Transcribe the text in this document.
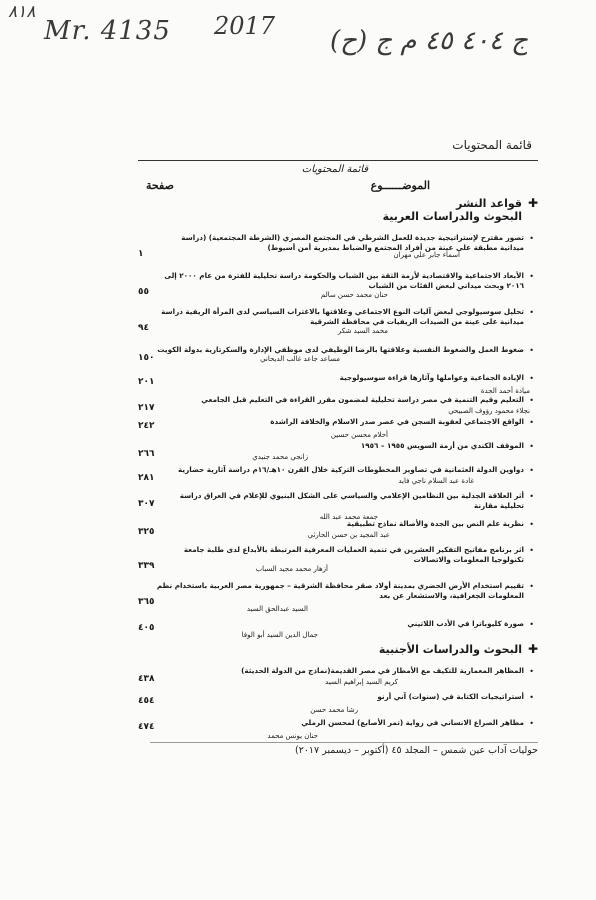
٨١٨
Mr. 4135 2017 (ح) ج ٤٠٤ ٤٥ م ج
قائمة المحتويات
قائمة المحتويات
الموضــــــوع
صفحة
✚
قواعد النشر
البحوث والدراسات العربية
•
تصور مقترح لإستراتيجية جديدة للعمل الشرطي في المجتمع المصري (الشرطة المجتمعية) (دراسة ميدانية مطبقة على عينة من أفراد المجتمع والضباط بمديرية أمن أسيوط)
أسماء جابر علي مهران
١
•
الأبعاد الاجتماعية والاقتصادية لأزمة الثقة بين الشباب والحكومة دراسة تحليلية للفترة من عام ٢٠٠٠ إلى ٢٠١٦ وبحث ميداني لبعض الفئات من الشباب
حنان محمد حسن سالم
٥٥
•
تحليل سوسيولوجي لبعض آليات النوع الاجتماعي وعلاقتها بالاغتراب السياسي لدى المرأة الريفية دراسة ميدانية على عينة من الصيدات الريفيات في محافظة الشرقية
محمد السيد شكر
٩٤
•
ضغوط العمل والضغوط النفسية وعلاقتها بالرضا الوظيفي لدى موظفي الإدارة والسكرتارية بدولة الكويت
مساعد جاعد غالب الديحاني
١٥٠
•
الإبادة الجماعية وعواملها وآثارها قراءة سوسيولوجية
ميادة أحمد الجدة
٢٠١
•
التعليم وقيم التنمية في مصر دراسة تحليلية لمضمون مقرر القراءة في التعليم قبل الجامعي
نجلاء محمود رؤوف الصبيحي
٢١٧
•
الواقع الاجتماعي لعقوبة السجن في عصر صدر الاسلام والخلافة الراشدة
أحلام محسن حسين
٢٤٢
•
الموقف الكندي من أزمة السويس ١٩٥٥ – ١٩٥٦
زانجي محمد جنيدي
٢٦٦
•
دواوين الدولة العثمانية في تصاوير المخطوطات التركية خلال القرن ١٠هـ/١٦م دراسة آثارية حضارية
غادة عبد السلام ناجي فايد
٢٨١
•
أثر العلاقة الجدلية بين النظامين الإعلامي والسياسي على الشكل البنيوي للإعلام في العراق دراسة تحليلية مقارنة
جمعة محمد عبد الله
٣٠٧
•
نظرية علم النص بين الجدة والأصالة نماذج تطبيقية
عبد المجيد بن حسن الحارثي
٣٢٥
•
اثر برنامج مفاتيح التفكير العشرين في تنمية العمليات المعرفية المرتبطة بالأبداع لدى طلبة جامعة تكنولوجيا المعلومات والاتصالات
أزهار محمد مجيد السباب
٣٣٩
•
تقييم استخدام الأرض الحضري بمدينة أولاد صقر محافظة الشرقية – جمهورية مصر العربية باستخدام نظم المعلومات الجغرافية، والاستشعار عن بعد
السيد عبدالحق السيد
٣٦٥
•
صورة كليوباترا في الأدب اللاتيني
جمال الدين السيد أبو الوفا
٤٠٥
✚
البحوث والدراسات الأجنبية
•
المظاهر المعمارية للتكيف مع الأمطار في مصر القديمة(نماذج من الدولة الحديثة)
كريم السيد إبراهيم السيد
٤٣٨
•
أستراتيجيات الكتابة في (سنوات) آني أرنو
رشا محمد حسن
٤٥٤
•
مظاهر الصراع الانساني في رواية (تمر الأصابع) لمحسن الرملي
حنان يونس محمد
٤٧٤
حوليات آداب عين شمس – المجلد ٤٥ (أكتوبر – ديسمبر ٢٠١٧)
